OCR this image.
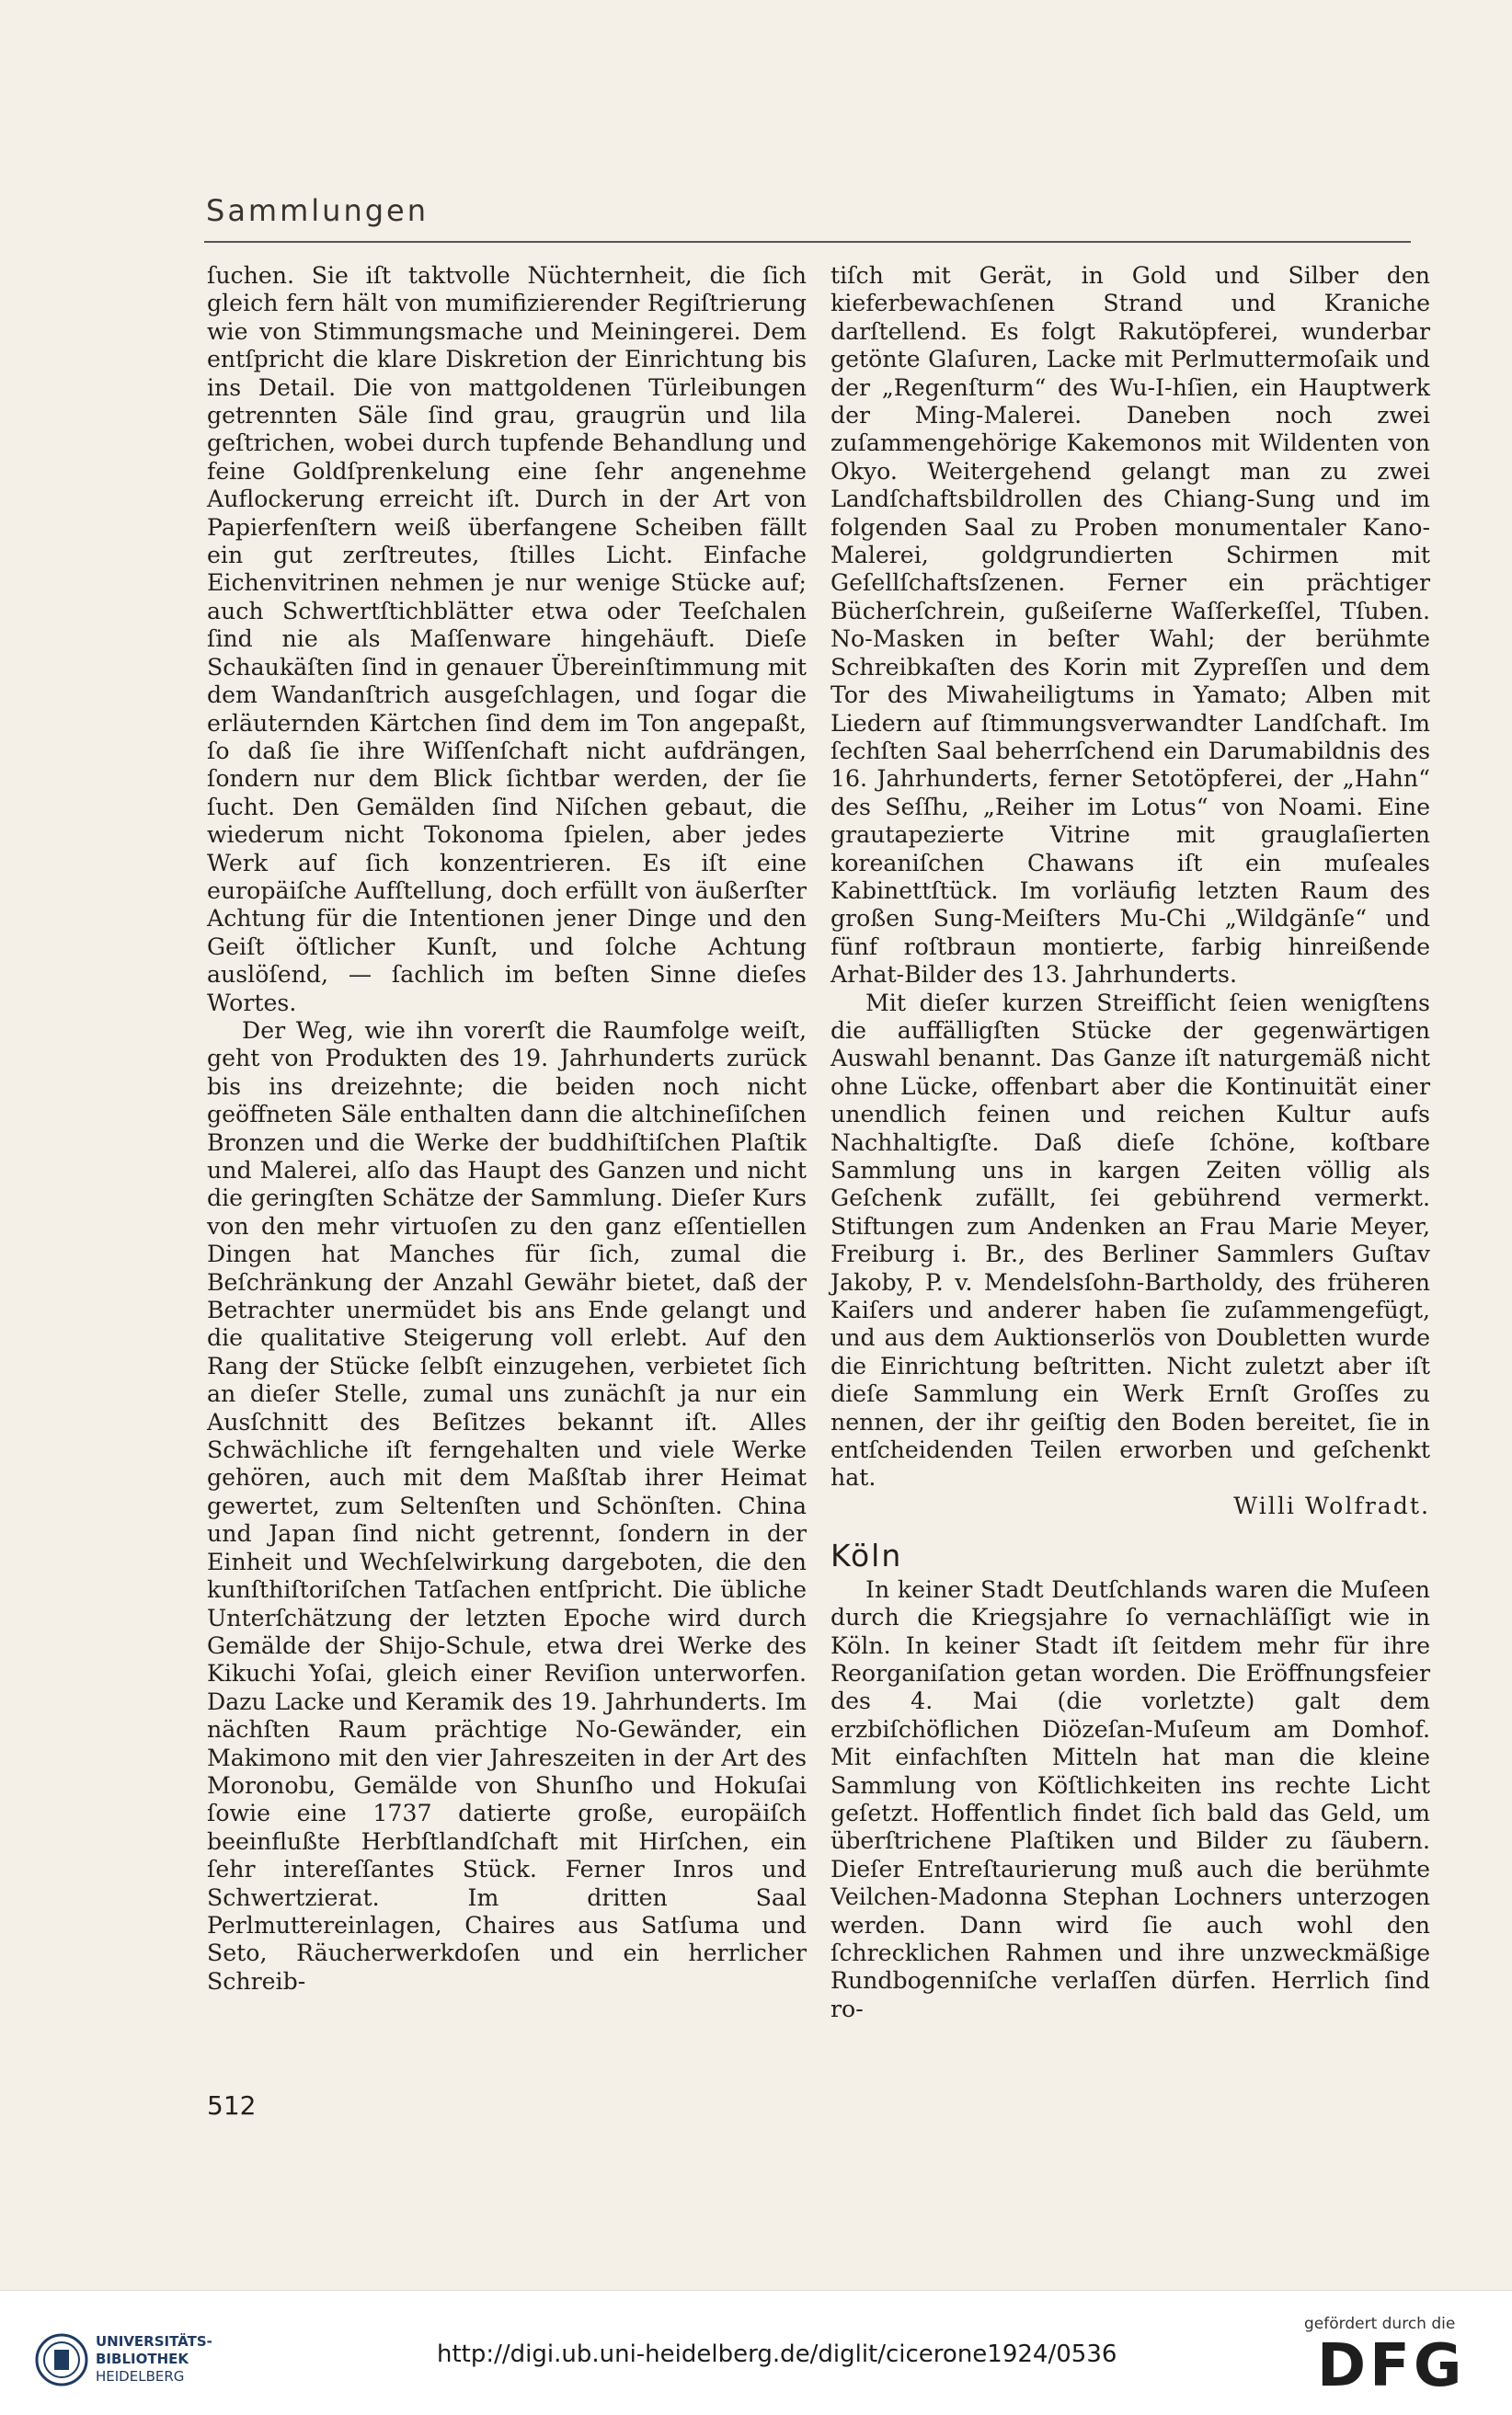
Sammlungen

ſuchen. Sie iſt taktvolle Nüchternheit, die ſich gleich fern hält von mumifizierender Regiſtrierung wie von Stimmungsmache und Meiningerei. Dem entſpricht die klare Diskretion der Einrichtung bis ins Detail. Die von mattgoldenen Türleibungen getrennten Säle ſind grau, graugrün und lila geſtrichen, wobei durch tupfende Behandlung und feine Goldſprenkelung eine ſehr angenehme Auflockerung erreicht iſt. Durch in der Art von Papierfenſtern weiß überfangene Scheiben fällt ein gut zerſtreutes, ſtilles Licht. Einfache Eichenvitrinen nehmen je nur wenige Stücke auf; auch Schwertſtichblätter etwa oder Teeſchalen ſind nie als Maſſenware hingehäuft. Dieſe Schaukäſten ſind in genauer Übereinſtimmung mit dem Wandanſtrich ausgeſchlagen, und ſogar die erläuternden Kärtchen ſind dem im Ton angepaßt, ſo daß ſie ihre Wiſſenſchaft nicht aufdrängen, ſondern nur dem Blick ſichtbar werden, der ſie ſucht. Den Gemälden ſind Niſchen gebaut, die wiederum nicht Tokonoma ſpielen, aber jedes Werk auf ſich konzentrieren. Es iſt eine europäiſche Aufſtellung, doch erfüllt von äußerſter Achtung für die Intentionen jener Dinge und den Geiſt öſtlicher Kunſt, und ſolche Achtung auslöſend, — ſachlich im beſten Sinne dieſes Wortes.

Der Weg, wie ihn vorerſt die Raumfolge weiſt, geht von Produkten des 19. Jahrhunderts zurück bis ins dreizehnte; die beiden noch nicht geöffneten Säle enthalten dann die altchineſiſchen Bronzen und die Werke der buddhiſtiſchen Plaſtik und Malerei, alſo das Haupt des Ganzen und nicht die geringſten Schätze der Sammlung. Dieſer Kurs von den mehr virtuoſen zu den ganz eſſentiellen Dingen hat Manches für ſich, zumal die Beſchränkung der Anzahl Gewähr bietet, daß der Betrachter unermüdet bis ans Ende gelangt und die qualitative Steigerung voll erlebt. Auf den Rang der Stücke ſelbſt einzugehen, verbietet ſich an dieſer Stelle, zumal uns zunächſt ja nur ein Ausſchnitt des Beſitzes bekannt iſt. Alles Schwächliche iſt ferngehalten und viele Werke gehören, auch mit dem Maßſtab ihrer Heimat gewertet, zum Seltenſten und Schönſten. China und Japan ſind nicht getrennt, ſondern in der Einheit und Wechſelwirkung dargeboten, die den kunſthiſtoriſchen Tatſachen entſpricht. Die übliche Unterſchätzung der letzten Epoche wird durch Gemälde der Shijo-Schule, etwa drei Werke des Kikuchi Yoſai, gleich einer Reviſion unterworfen. Dazu Lacke und Keramik des 19. Jahrhunderts. Im nächſten Raum prächtige No-Gewänder, ein Makimono mit den vier Jahreszeiten in der Art des Moronobu, Gemälde von Shunſho und Hokuſai ſowie eine 1737 datierte große, europäiſch beeinflußte Herbſtlandſchaft mit Hirſchen, ein ſehr intereſſantes Stück. Ferner Inros und Schwertzierat. Im dritten Saal Perlmuttereinlagen, Chaires aus Satſuma und Seto, Räucherwerkdoſen und ein herrlicher Schreib-

tiſch mit Gerät, in Gold und Silber den kieferbewachſenen Strand und Kraniche darſtellend. Es folgt Rakutöpferei, wunderbar getönte Glaſuren, Lacke mit Perlmuttermoſaik und der „Regenſturm“ des Wu-I-hſien, ein Hauptwerk der Ming-Malerei. Daneben noch zwei zuſammengehörige Kakemonos mit Wildenten von Okyo. Weitergehend gelangt man zu zwei Landſchaftsbildrollen des Chiang-Sung und im folgenden Saal zu Proben monumentaler Kano-Malerei, goldgrundierten Schirmen mit Geſellſchaftsſzenen. Ferner ein prächtiger Bücherſchrein, gußeiſerne Waſſerkeſſel, Tſuben. No-Masken in beſter Wahl; der berühmte Schreibkaſten des Korin mit Zypreſſen und dem Tor des Miwaheiligtums in Yamato; Alben mit Liedern auf ſtimmungsverwandter Landſchaft. Im ſechſten Saal beherrſchend ein Darumabildnis des 16. Jahrhunderts, ferner Setotöpferei, der „Hahn“ des Seſſhu, „Reiher im Lotus“ von Noami. Eine grautapezierte Vitrine mit grauglaſierten koreaniſchen Chawans iſt ein muſeales Kabinettſtück. Im vorläufig letzten Raum des großen Sung-Meiſters Mu-Chi „Wildgänſe“ und fünf roſtbraun montierte, farbig hinreißende Arhat-Bilder des 13. Jahrhunderts.

Mit dieſer kurzen Streifſicht ſeien wenigſtens die auffälligſten Stücke der gegenwärtigen Auswahl benannt. Das Ganze iſt naturgemäß nicht ohne Lücke, offenbart aber die Kontinuität einer unendlich feinen und reichen Kultur aufs Nachhaltigſte. Daß dieſe ſchöne, koſtbare Sammlung uns in kargen Zeiten völlig als Geſchenk zufällt, ſei gebührend vermerkt. Stiftungen zum Andenken an Frau Marie Meyer, Freiburg i. Br., des Berliner Sammlers Guſtav Jakoby, P. v. Mendelsſohn-Bartholdy, des früheren Kaiſers und anderer haben ſie zuſammengefügt, und aus dem Auktionserlös von Doubletten wurde die Einrichtung beſtritten. Nicht zuletzt aber iſt dieſe Sammlung ein Werk Ernſt Groſſes zu nennen, der ihr geiſtig den Boden bereitet, ſie in entſcheidenden Teilen erworben und geſchenkt hat.

Willi Wolfradt.

Köln

In keiner Stadt Deutſchlands waren die Muſeen durch die Kriegsjahre ſo vernachläſſigt wie in Köln. In keiner Stadt iſt ſeitdem mehr für ihre Reorganiſation getan worden. Die Eröffnungsfeier des 4. Mai (die vorletzte) galt dem erzbiſchöflichen Diözeſan-Muſeum am Domhof. Mit einfachſten Mitteln hat man die kleine Sammlung von Köſtlichkeiten ins rechte Licht geſetzt. Hoffentlich findet ſich bald das Geld, um überſtrichene Plaſtiken und Bilder zu ſäubern. Dieſer Entreſtaurierung muß auch die berühmte Veilchen-Madonna Stephan Lochners unterzogen werden. Dann wird ſie auch wohl den ſchrecklichen Rahmen und ihre unzweckmäßige Rundbogenniſche verlaſſen dürfen. Herrlich ſind ro-

512
UNIVERSITÄTS-
BIBLIOTHEK
HEIDELBERG
http://digi.ub.uni-heidelberg.de/diglit/cicerone1924/0536
gefördert durch die
DFG
